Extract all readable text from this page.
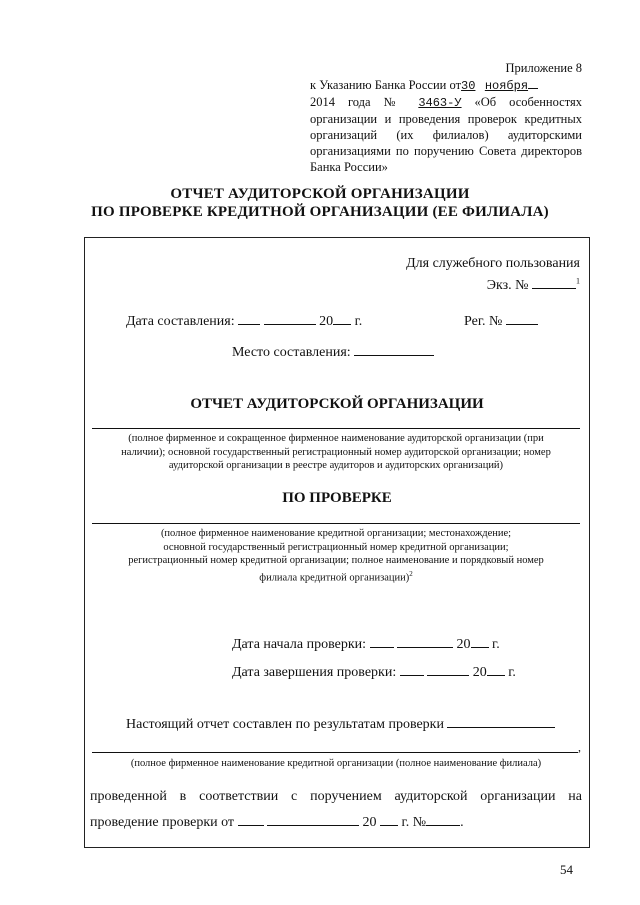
Приложение 8
к Указанию Банка России от30 ноября
2014 года № 3463-У «Об особенностях
организации и проведения проверок кредитных
организаций (их филиалов) аудиторскими
организациями по поручению Совета директоров
Банка России»
ОТЧЕТ АУДИТОРСКОЙ ОРГАНИЗАЦИИ
ПО ПРОВЕРКЕ КРЕДИТНОЙ ОРГАНИЗАЦИИ (ЕЕ ФИЛИАЛА)
Для служебного пользования
Экз. №	$^1$
Дата составления:	20 г.	Рег. №
Место составления:
ОТЧЕТ АУДИТОРСКОЙ ОРГАНИЗАЦИИ
(полное фирменное и сокращенное фирменное наименование аудиторской организации (при
наличии); основной государственный регистрационный номер аудиторской организации; номер
аудиторской организации в реестре аудиторов и аудиторских организаций)
ПО ПРОВЕРКЕ
(полное фирменное наименование кредитной организации; местонахождение;
основной государственный регистрационный номер кредитной организации;
регистрационный номер кредитной организации; полное наименование и порядковый номер
филиала кредитной организации)$^2$
Дата начала проверки:	20 г.
Дата завершения проверки:	20 г.
Настоящий отчет составлен по результатам проверки
,
(полное фирменное наименование кредитной организации (полное наименование филиала)
проведенной в соответствии с поручением аудиторской организации на
проведение проверки от	20 г. № .
54
